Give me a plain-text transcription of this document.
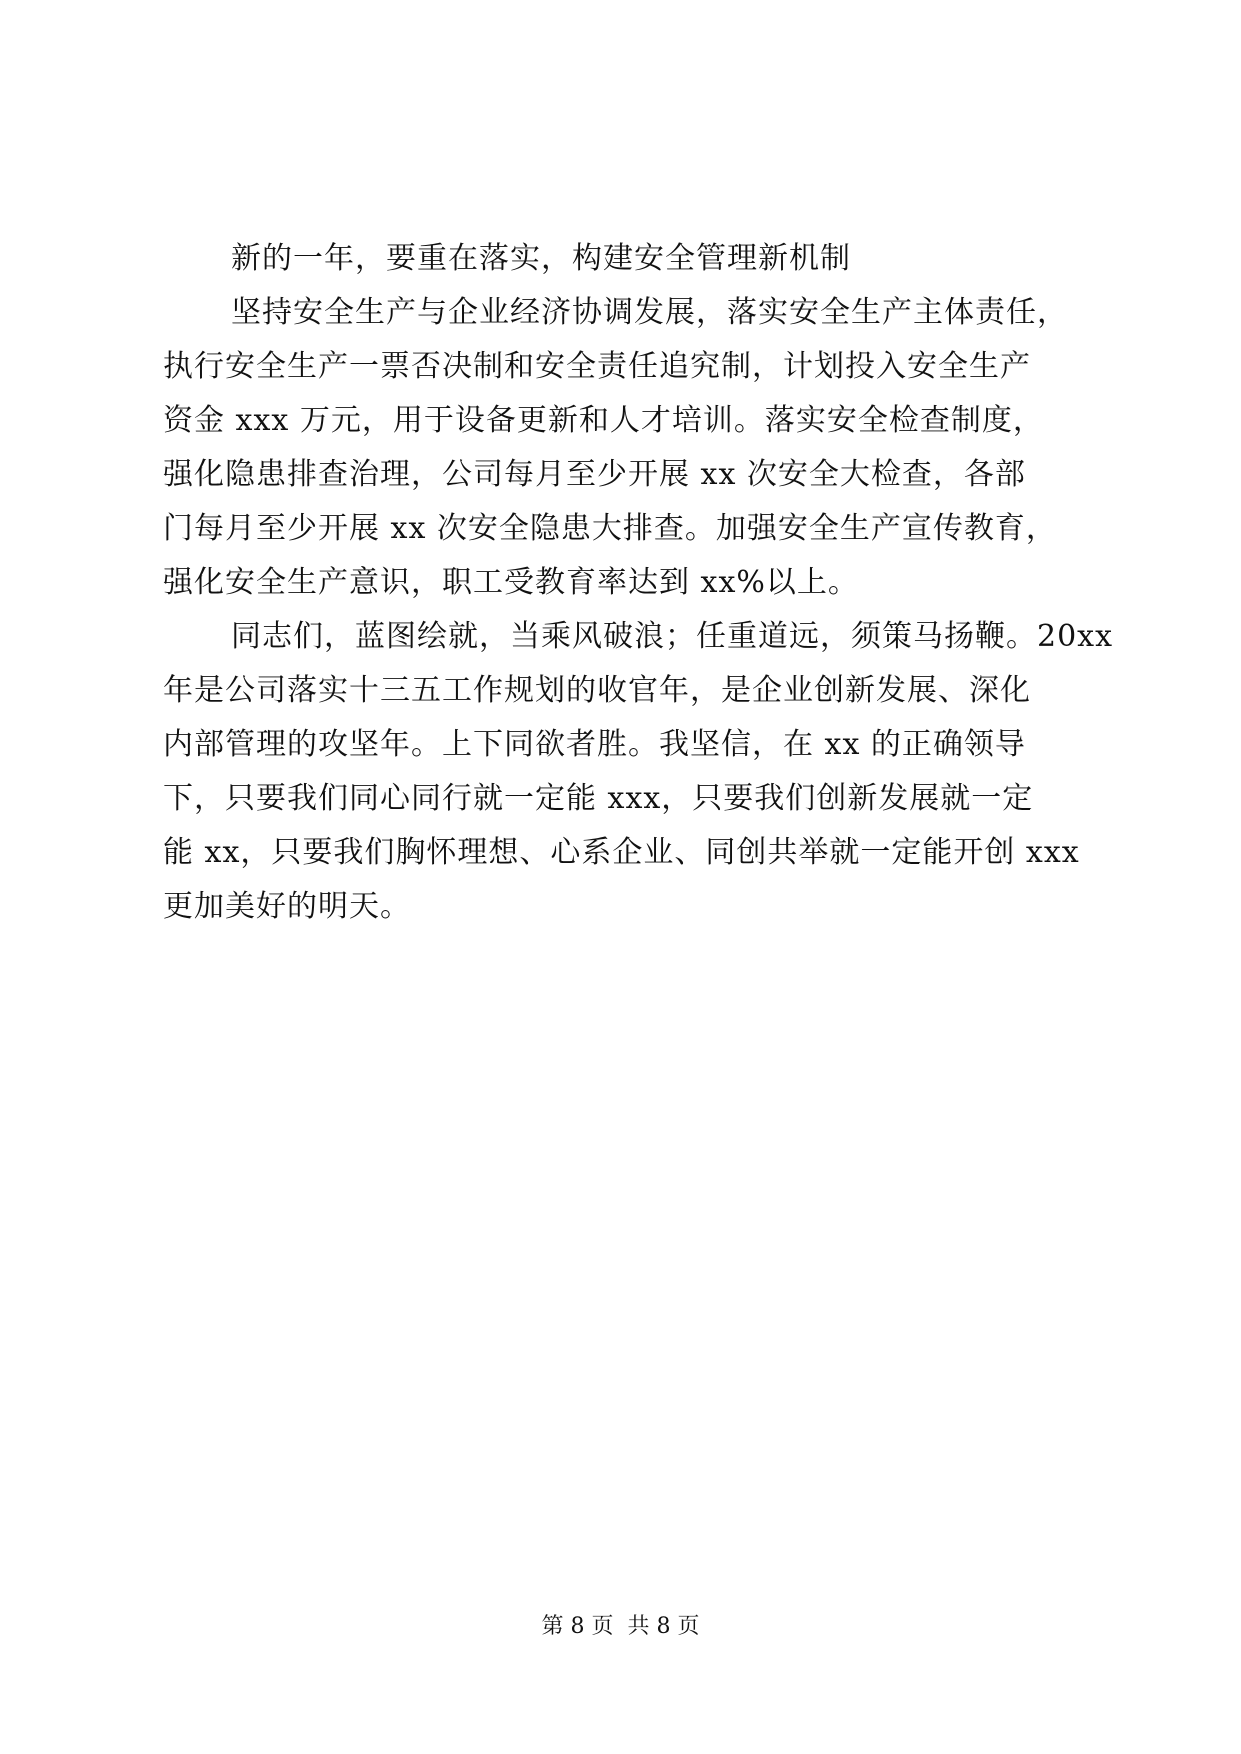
新的一年，要重在落实，构建安全管理新机制
坚持安全生产与企业经济协调发展，落实安全生产主体责任，
执行安全生产一票否决制和安全责任追究制，计划投入安全生产
资金 xxx 万元，用于设备更新和人才培训。落实安全检查制度，
强化隐患排查治理，公司每月至少开展 xx 次安全大检查，各部
门每月至少开展 xx 次安全隐患大排查。加强安全生产宣传教育，
强化安全生产意识，职工受教育率达到 xx%以上。
同志们，蓝图绘就，当乘风破浪；任重道远，须策马扬鞭。20xx
年是公司落实十三五工作规划的收官年，是企业创新发展、深化
内部管理的攻坚年。上下同欲者胜。我坚信，在 xx 的正确领导
下，只要我们同心同行就一定能 xxx，只要我们创新发展就一定
能 xx，只要我们胸怀理想、心系企业、同创共举就一定能开创 xxx
更加美好的明天。
第 8 页 共 8 页
